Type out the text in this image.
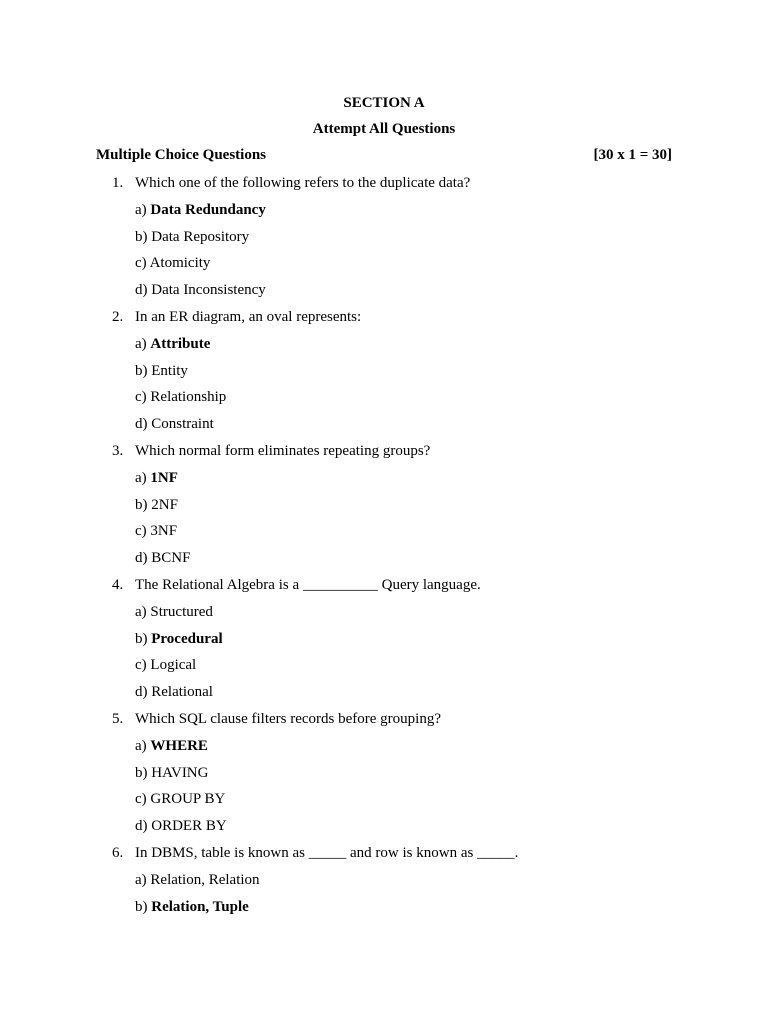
SECTION A
Attempt All Questions
Multiple Choice Questions	[30 x 1 = 30]
1. Which one of the following refers to the duplicate data?
a) Data Redundancy
b) Data Repository
c) Atomicity
d) Data Inconsistency
2. In an ER diagram, an oval represents:
a) Attribute
b) Entity
c) Relationship
d) Constraint
3. Which normal form eliminates repeating groups?
a) 1NF
b) 2NF
c) 3NF
d) BCNF
4. The Relational Algebra is a __________ Query language.
a) Structured
b) Procedural
c) Logical
d) Relational
5. Which SQL clause filters records before grouping?
a) WHERE
b) HAVING
c) GROUP BY
d) ORDER BY
6. In DBMS, table is known as _____ and row is known as _____.
a) Relation, Relation
b) Relation, Tuple
